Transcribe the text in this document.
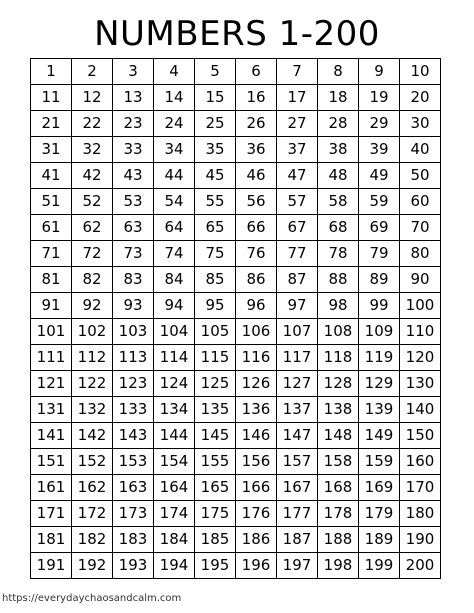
NUMBERS 1-200
1	2	3	4	5	6	7	8	9	10
11	12	13	14	15	16	17	18	19	20
21	22	23	24	25	26	27	28	29	30
31	32	33	34	35	36	37	38	39	40
41	42	43	44	45	46	47	48	49	50
51	52	53	54	55	56	57	58	59	60
61	62	63	64	65	66	67	68	69	70
71	72	73	74	75	76	77	78	79	80
81	82	83	84	85	86	87	88	89	90
91	92	93	94	95	96	97	98	99	100
101 102 103 104 105 106 107 108 109 110
111 112 113 114 115 116 117 118 119 120
121 122 123 124 125 126 127 128 129 130
131 132 133 134 135 136 137 138 139 140
141 142 143 144 145 146 147 148 149 150
151 152 153 154 155 156 157 158 159 160
161 162 163 164 165 166 167 168 169 170
171 172 173 174 175 176 177 178 179 180
181 182 183 184 185 186 187 188 189 190
191 192 193 194 195 196 197 198 199 200
https://everydaychaosandcalm.com
